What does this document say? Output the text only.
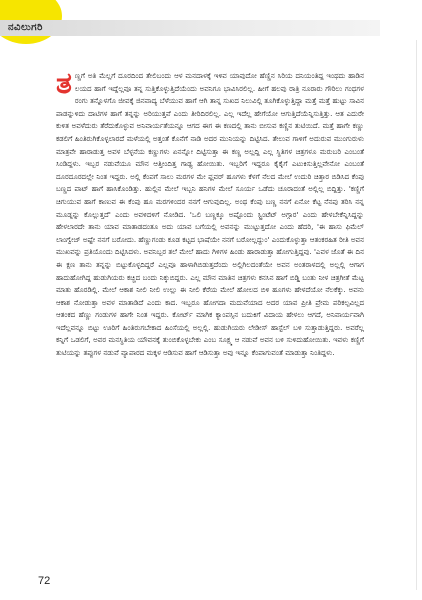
ನವಿಲುಗರಿ

ತಣ್ಣಗೆ ಅತಿ ಮೆಲ್ಲಗೆ ದೂರದಿಂದ ತೇಲಿಬಂದು ಆಳ ಮನದಾಳಕ್ಕೆ ಇಳಿವ ಯಾವುದೋ ಹೆಣ್ಣಿನ ಸಿರಿಯ ದನಿಯಂತಿದ್ದ ಇಂಥದು ಹಾಡಿನ ಲಯದ ಹಾಗೆ ಇದ್ದೆಲ್ಲವೂ ತನ್ನ ಸುತ್ತಿಕೊಳ್ಳುತ್ತಿದೆಯೆಂದು ಅವನಿಗೂ ಭಾವಿಸಿರಲಿಲ್ಲ. ಹೀಗೆ ಹಲವು ರಾತ್ರಿ ನೂರಾರು ಗೌರಿಲು ಗಂಧಗಳ ರಂಗು ತನ್ನೊಳಗೊ ಜೀವಕ್ಕೆ ಜಿನವಾದ್ಯ ಬೆಳೆಯುವ ಹಾಗೆ ಆಗಿ ತಾನ್ನ ಸುಖದ ನಿಲುವಿಲ್ಲಿ ತೂಗಿಕೊಳ್ಳುತ್ತಿದ್ದಾ ಮತ್ತೆ ಮತ್ತೆ ಹುಟ್ಟು ಸಾವಿನ ಪಾಡನ್ನುಳಿದು ದಾಟಿಗಳ ಹಾಗೆ ತನ್ನನ್ನು ಅರಿಯುತ್ತವೆ ಎಂದು ತೀರಿದಿರಲಿಲ್ಲ. ಎಲ್ಲ ಇದೆಲ್ಲ ಹೇಗೆಯೋ ಆಗುತ್ತಿದೆಯೆನ್ನಿಸುತ್ತಿತ್ತು. ಆತ ಎದುರೇ ಕುಳಿತ ಅವಳೆದುರು ತೆರೆದುಕೊಳ್ಳುವ ಅನಿವಾರ್ಯತೆಯನ್ನೂ ಆಗದ ಈಗ ಈ ಕಣದಲ್ಲಿ ತಾನು ಬೀಸುವ ಕಣ್ಣಿನ ತುಟಿಯಿದೆ. ಮತ್ತೆ ಹಾಗೇ ಕಣ್ಣು ಕಡಲಿಗೆ ಹಿಂತಿರುಗಿಕೊಳ್ಳಲಾರದೆ ಮಳೆಯಲ್ಲಿ ಅತ್ತಂತೆ ಕೊನೆಗೆ ನಾಡಿ ಅದರ ಮುನಿಯನ್ನು ದಿಟ್ಟಿಸಿದ. ತೇಲುವ ಗಾಳಿಗೆ ಅದುರುವ ಮುಂಗುರುಳು ಮಾತ್ರವೇ ಹಾರಾಡುತ್ತ ಅವಳ ಬೆಳ್ಳನೆಯ ಕಣ್ಣುಗಳು ಏನನ್ನೋ ದಿಟ್ಟಿಸುತ್ತಾ ಈ ಕಣ್ಣ ಅಲ್ಲದ್ದಿ ಎಲ್ಲ ಸ್ಥಿತಿಗಳ ಚಿತ್ರಗಳೂ ಮರುಬರಿ ಎಂಬಂತೆ ಸಿಂಡಿದ್ದಳು. ಇಬ್ಬರ ನಡುವೆಯೂ ಮೌನ ಆತ್ತೀಂದಿತ್ತ ಗಾಢ್ಯ ಹೋಯಿತು. ಇಬ್ಬರಿಗೆ ಇದ್ದರೂ ಕೈಕೈಗೆ ಎಟುಕಿಸುತ್ತಿಲ್ಲವೇನೋ ಎಂಬಂತೆ ದೂರದೂರದಲ್ಲೇ ನಿಂತ ಇದ್ದರು. ಅಲ್ಲಿ ಕೆಂಪಗೆ ಸಾಲು ಮರಗಳ ಮೇ ಫ್ಲವರ್ ಹೂಗಳು ಕೆಳಗೆ ನೆಲದ ಮೇಲೆ ಉದುರಿ ಚಿತ್ತಾರ ಬಿಡಿಸಿದ ಕೆಂಪು ಬಣ್ಣದ ಪಾಟ್ ಹಾಗೆ ಹಾಸಿಕೊಂಡಿತ್ತು. ಹುಲ್ಲಿನ ಮೇಲೆ ಇಬ್ಬನಿ ಹನಿಗಳ ಮೇಲೆ ಸೂರ್ಯ ಒಡೆದು ಚೂರಾದಂತೆ ಅಲ್ಲಿಲ್ಲ ಬಿದ್ದಿತ್ತು. 'ಕಣ್ಣಿಗೆ ಚಿಗುಯುವ ಹಾಗೆ ಕಾಣುವ ಈ ಕೆಂಪು ಹೂ ಮರಗಳಿಂದರ ನನಗೆ ಆಗುವುದಿಲ್ಲ. ಅಂಥ ಕೆಂಪು ಬಣ್ಣ ನನಗೆ ಏನೋ ಕೆಟ್ಟ ನೆನಪು ತರಿಸಿ ನನ್ನ ಮೂಡ್ನನ್ನು ಕೊಲ್ಲುತ್ತದೆ' ಎಂದು ಅವಳಿದಳಿಗೆ ನೋಡಿದ. 'ಒಲಿ ಬಣ್ಣಕ್ಕೂ ಅಷ್ಟೊಂದು ಸ್ಟ್ರಿಂಟೆಟ್ ಅಗ್ಗಾರ' ಎಂದು ಹೇಳಬೇಕೆನ್ನಿಸಿದ್ದನ್ನು ಹೇಳಲಾರದೇ ತಾನು ಯಾವ ಮಾತಾಡದಂತೂ ಅದು ಯಾವ ಬಗೆಯಲ್ಲಿ ಅವನನ್ನು ಮುಟ್ಟುತ್ತದೋ ಎಂದು ಹೆದರಿ, 'ಈ ಹಾಸು ಫಿಮೆಲ್ ಲಾಂಗ್ವೇಜ್ ಅಷ್ಟೇ ನನಗೆ ಬರೋದು. ಹೆಣ್ಣುಗಂಡು ಕೂಡ ಕಟ್ಟದ ಭಾಷೆಯೇ ನನಗೆ ಬರೋಲ್ಲದ್ದುಂ' ಎಂದುಕೊಳ್ಳುತ್ತಾ ಆತಂಕರಹಿತ ರೀತಿ ಅವನ ಮುಖವನ್ನು ಪ್ರತಿಯೊಂದು ದಿಟ್ಟಿಸಿದಳು. ಅವನಿಬ್ಬರ ತಲೆ ಮೇಲೆ ಹಾದು ಗಿಳಿಗಳ ಹಿಂಡು ಹಾರಾಡುತ್ತಾ ಹೋಗುತ್ತಿದ್ದವು. 'ಎವಳ ಜೊತೆ ಈ ದಿನ ಈ ಕ್ಷಣ ತಾನು ತನ್ನನ್ನು ಬಿಟ್ಟುಕೊಳ್ಳದಿದ್ದರೆ ಎಲ್ಲವೂ ಹಾಳಾಗಿಬಿಡುತ್ತದೆಂದು ಅಲ್ಲಿಗಿಲದಂತೆಯೇ ಅವನ ಅಂತರಾಳದಲ್ಲಿ ಅಲ್ಲಲ್ಲಿ ಆಗಾಗ ಹಾದುಹೋಗಿದ್ದ ಹುಡುಗಿಯರು ಕಚ್ಚಿದ ಬಂದು ನಿಕ್ಕುಬಿದ್ದರು. ಎಲ್ಲ ಮೌನ ಮಾತಿನ ಚಿತ್ರಗಳು ಕನಸಿನ ಹಾಗೆ ಬಿಡ್ಡಿ ಬಂತು ನೀಳ ಚಿತ್ರಗೀತೆ ಮೆಟ್ಟ ಮಾತು ಹೊರಡಿಲ್ಲಿ. ಮೇಲೆ ಆಕಾಶ ನೀಲಿ ನೀಲಿ ಉಲ್ಲು ಈ ನೀಲಿ ಕೆರೆಯ ಮೇಲೆ ಹೋಲದ ಬಿಳಿ ಹೂಗಳು ಹೇಳದೆಯೋ ನೆಲಕೆಕ್ಕು. ಅವನು ಆಕಾಶ ನೋಡುತ್ತಾ ಅವಳ ಮಾತಾಡಿದೆ ಎಂದು ಕಾದ. ಇಬ್ಬರೂ ಹೋಗದಾ ಮದುವೆಯಾದ ಅದರ ಯಾವ ಪ್ರೀತಿ ಪ್ರೇಮ ಪರಿಕಲ್ಪವಿಲ್ಲದ ಆತಂಕದ ಹೆಣ್ಣು ಗಂಡುಗಳ ಹಾಗೇ ನಿಂತ ಇದ್ದರು. ಕೋರ್ಟ್ ಮಾಗಿಕ ಕ್ಯಾಂಪಸ್ಸಿನ ಬದುಕಿಗೆ ವಿದಾಯ ಹೇಳಲು ಆಗದೆ, ಅನಿವಾರ್ಯವಾಗಿ ಇದೆಲ್ಲವನ್ನೂ ಬಿಟ್ಟು ಊರಿಗೆ ಹಿಂತಿರುಗಬೇಕಾದ ಹಿಂಸೆಯಲ್ಲಿ ಅಲ್ಲಲ್ಲಿ. ಹುಡುಗಿಯರು ಲೇಡೀಸ್ ಹಾಸ್ಟೆಲ್ ಬಳಿ ಸುತ್ತಾಡುತ್ತಿದ್ದರು. ಅವರೆಲ್ಲ ಕನ್ನಿಗೆ ಒಡಲಿಗೆ, ಅವರ ಮನಸ್ಥಿತಿಯ ಯೌವನಕ್ಕೆ ತುಂಬಿಕೊಳ್ಳಬೇಕು ಎಂಬ ಸೂಕ್ಷ್ಮ ಆ ನಡುವೆ ಅವನ ಬಳಿ ಸುಳಿದುಹೋಯಿತು. ಇವಳು ಕಣ್ಣಿಗೆ ತುಟಿಯನ್ನು ತಪ್ಪುಗಳ ನಡುವೆ ವ್ಯಾಪಾರದ ಮಕ್ಕಳ ಆಡಿಸುವ ಹಾಗೆ ಆಡಿಸುತ್ತಾ ಅವು ಇನ್ನೂ ಕೆಂಪಾಗುವಂತೆ ಮಾಡುತ್ತಾ ನಿಂತಿದ್ದಳು.

72
